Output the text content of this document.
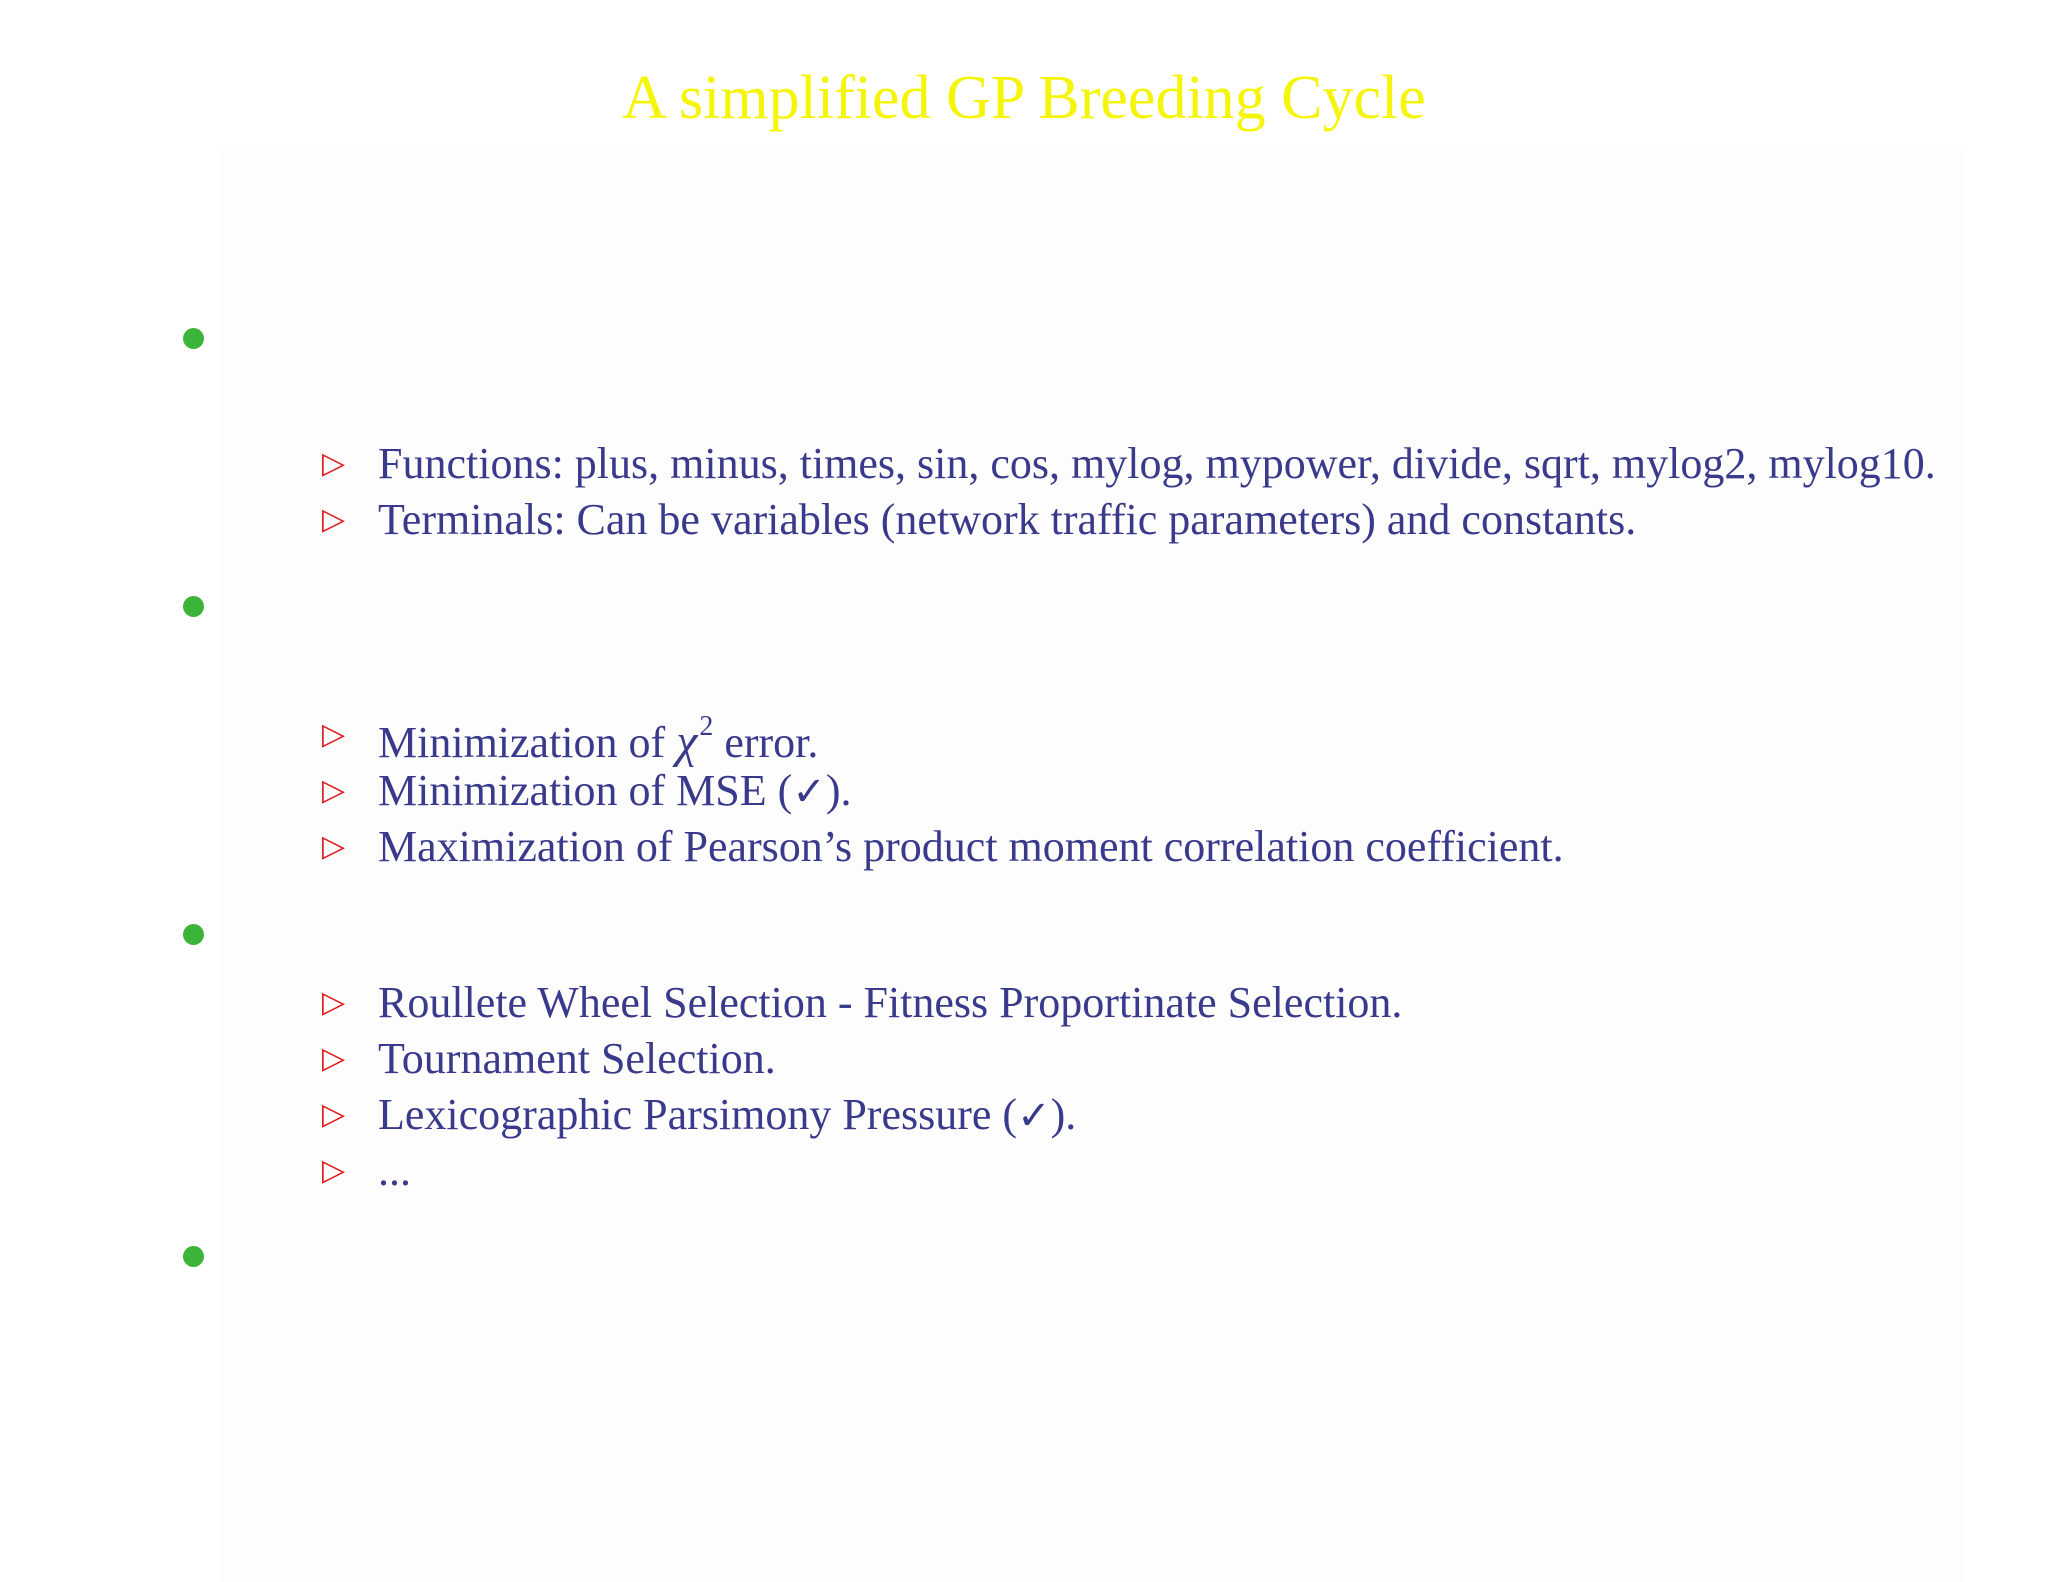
A simplified GP Breeding Cycle
▷ Functions: plus, minus, times, sin, cos, mylog, mypower, divide, sqrt, mylog2, mylog10.
▷ Terminals: Can be variables (network traffic parameters) and constants.
▷ Minimization of $\chi^2$ error.
▷ Minimization of MSE (✓).
▷ Maximization of Pearson’s product moment correlation coefficient.
▷ Roullete Wheel Selection - Fitness Proportinate Selection.
▷ Tournament Selection.
▷ Lexicographic Parsimony Pressure (✓).
▷ ...
